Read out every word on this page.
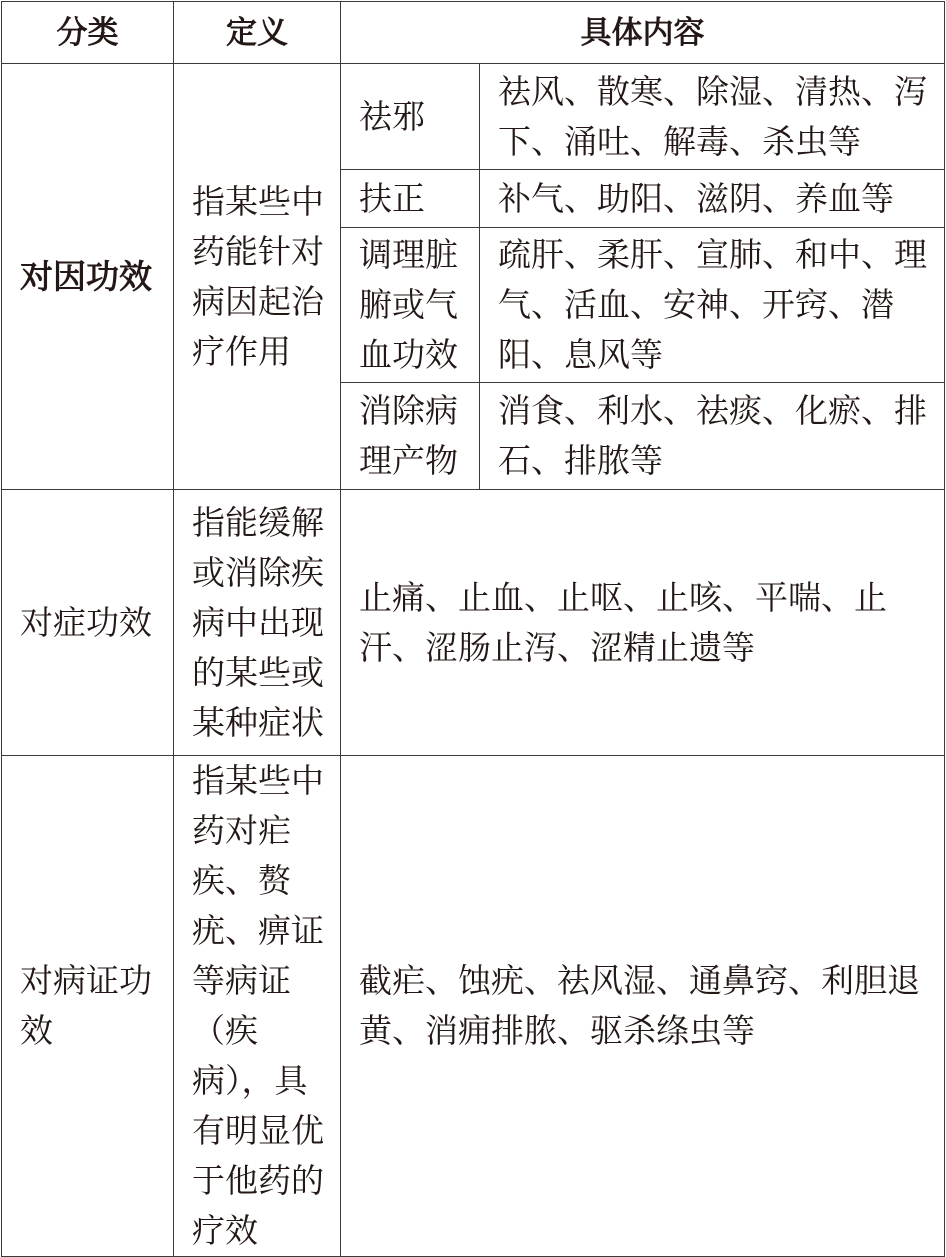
分类	定义	具体内容	
对因功效	指某些中药能针对病因起治疗作用	祛邪	祛风、散寒、除湿、清热、泻下、涌吐、解毒、杀虫等
		扶正	补气、助阳、滋阴、养血等
		调理脏腑或气血功效	疏肝、柔肝、宣肺、和中、理气、活血、安神、开窍、潜阳、息风等
		消除病理产物	消食、利水、祛痰、化瘀、排石、排脓等
对症功效	指能缓解或消除疾病中出现的某些或某种症状	止痛、止血、止呕、止咳、平喘、止汗、涩肠止泻、涩精止遗等	
对病证功效	指某些中药对疟疾、赘疣、痹证等病证（疾病），具有明显优于他药的疗效	截疟、蚀疣、祛风湿、通鼻窍、利胆退黄、消痈排脓、驱杀绦虫等	
